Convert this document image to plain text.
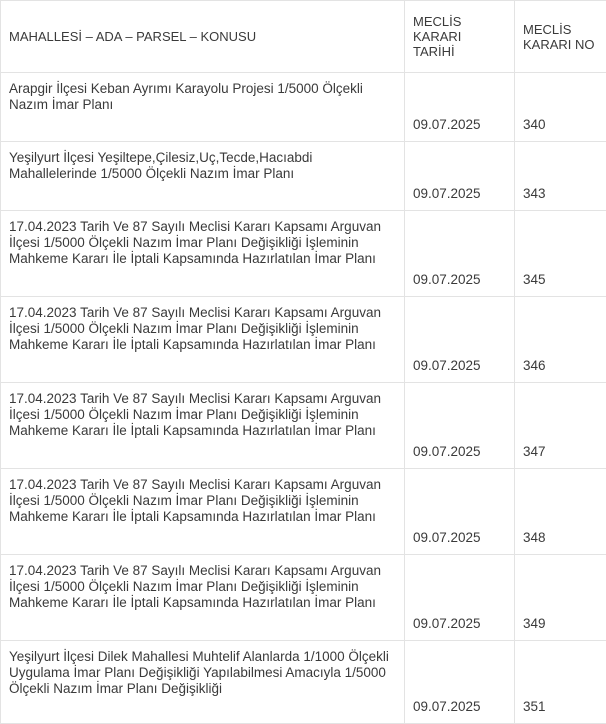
MAHALLESİ – ADA – PARSEL – KONUSU	MECLİS KARARI TARİHİ	MECLİS KARARI NO
Arapgir İlçesi Keban Ayrımı Karayolu Projesi 1/5000 Ölçekli Nazım İmar Planı	09.07.2025	340
Yeşilyurt İlçesi Yeşiltepe,Çilesiz,Uç,Tecde,Hacıabdi Mahallelerinde 1/5000 Ölçekli Nazım İmar Planı	09.07.2025	343
17.04.2023 Tarih Ve 87 Sayılı Meclisi Kararı Kapsamı Arguvan İlçesi 1/5000 Ölçekli Nazım İmar Planı Değişikliği İşleminin Mahkeme Kararı İle İptali Kapsamında Hazırlatılan İmar Planı	09.07.2025	345
17.04.2023 Tarih Ve 87 Sayılı Meclisi Kararı Kapsamı Arguvan İlçesi 1/5000 Ölçekli Nazım İmar Planı Değişikliği İşleminin Mahkeme Kararı İle İptali Kapsamında Hazırlatılan İmar Planı	09.07.2025	346
17.04.2023 Tarih Ve 87 Sayılı Meclisi Kararı Kapsamı Arguvan İlçesi 1/5000 Ölçekli Nazım İmar Planı Değişikliği İşleminin Mahkeme Kararı İle İptali Kapsamında Hazırlatılan İmar Planı	09.07.2025	347
17.04.2023 Tarih Ve 87 Sayılı Meclisi Kararı Kapsamı Arguvan İlçesi 1/5000 Ölçekli Nazım İmar Planı Değişikliği İşleminin Mahkeme Kararı İle İptali Kapsamında Hazırlatılan İmar Planı	09.07.2025	348
17.04.2023 Tarih Ve 87 Sayılı Meclisi Kararı Kapsamı Arguvan İlçesi 1/5000 Ölçekli Nazım İmar Planı Değişikliği İşleminin Mahkeme Kararı İle İptali Kapsamında Hazırlatılan İmar Planı	09.07.2025	349
Yeşilyurt İlçesi Dilek Mahallesi Muhtelif Alanlarda 1/1000 Ölçekli Uygulama İmar Planı Değişikliği Yapılabilmesi Amacıyla 1/5000 Ölçekli Nazım İmar Planı Değişikliği	09.07.2025	351
